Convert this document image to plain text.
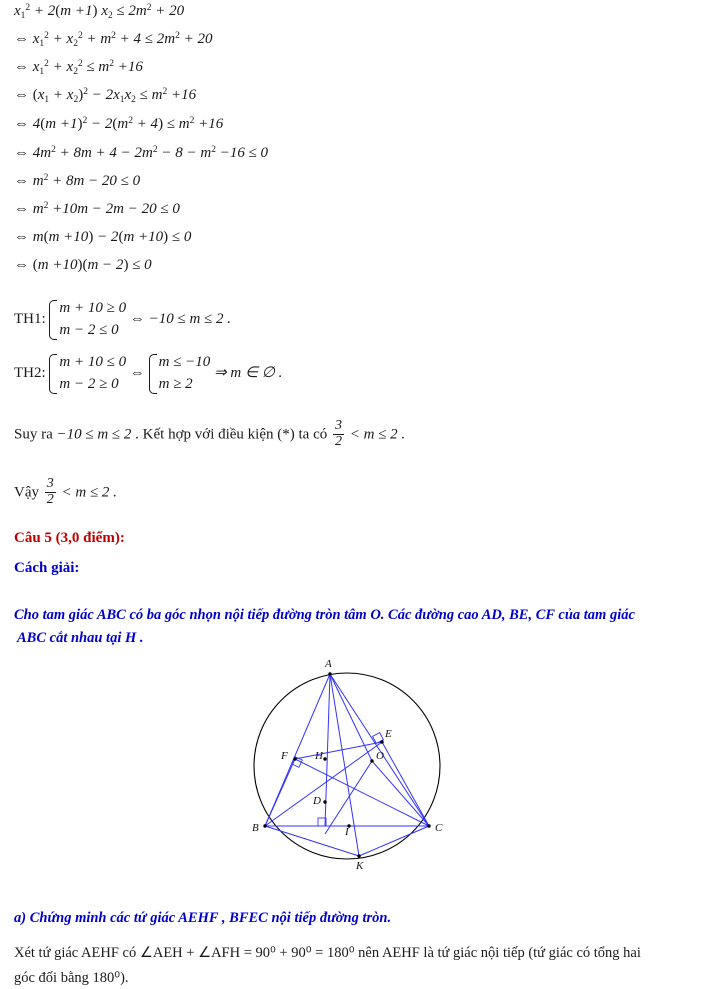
$x_1^2 + 2(m +1) x_2 \le 2m^2 + 20$
⇔ $x_1^2 + x_2^2 + m^2 + 4 \le 2m^2 + 20$
⇔ $x_1^2 + x_2^2 \le m^2 +16$
⇔ $(x_1 + x_2)^2 - 2x_1x_2 \le m^2 +16$
⇔ $4(m +1)^2 - 2(m^2 + 4) \le m^2 +16$
⇔ $4m^2 + 8m + 4 - 2m^2 - 8 - m^2 -16 \le 0$
⇔ $m^2 + 8m - 20 \le 0$
⇔ $m^2 +10m - 2m - 20 \le 0$
⇔ m(m +10) − 2(m +10) ≤ 0
⇔ (m +10)(m − 2) ≤ 0
TH1:
m + 10 ≥ 0
m − 2 ≤ 0
⇔ −10 ≤ m ≤ 2 .
TH2:
m + 10 ≤ 0
m − 2 ≥ 0
⇔
m ≤ −10
m ≥ 2
⇒ m ∈ ∅ .
Suy ra −10 ≤ m ≤ 2 . Kết hợp với điều kiện (*) ta có $\frac{3}{2} < m \le 2$ .
Vậy $\frac{3}{2} < m \le 2$ .
Câu 5 (3,0 điểm):
Cách giải:
Cho tam giác ABC có ba góc nhọn nội tiếp đường tròn tâm O. Các đường cao AD, BE, CF của tam giác
ABC cắt nhau tại H .
A
E
F H	O
D
I
B	C
K
a) Chứng minh các tứ giác AEHF , BFEC nội tiếp đường tròn.
Xét tứ giác AEHF có ∠AEH + ∠AFH = 90⁰ + 90⁰ = 180⁰ nên AEHF là tứ giác nội tiếp (tứ giác có tổng hai
góc đối bằng 180⁰).
